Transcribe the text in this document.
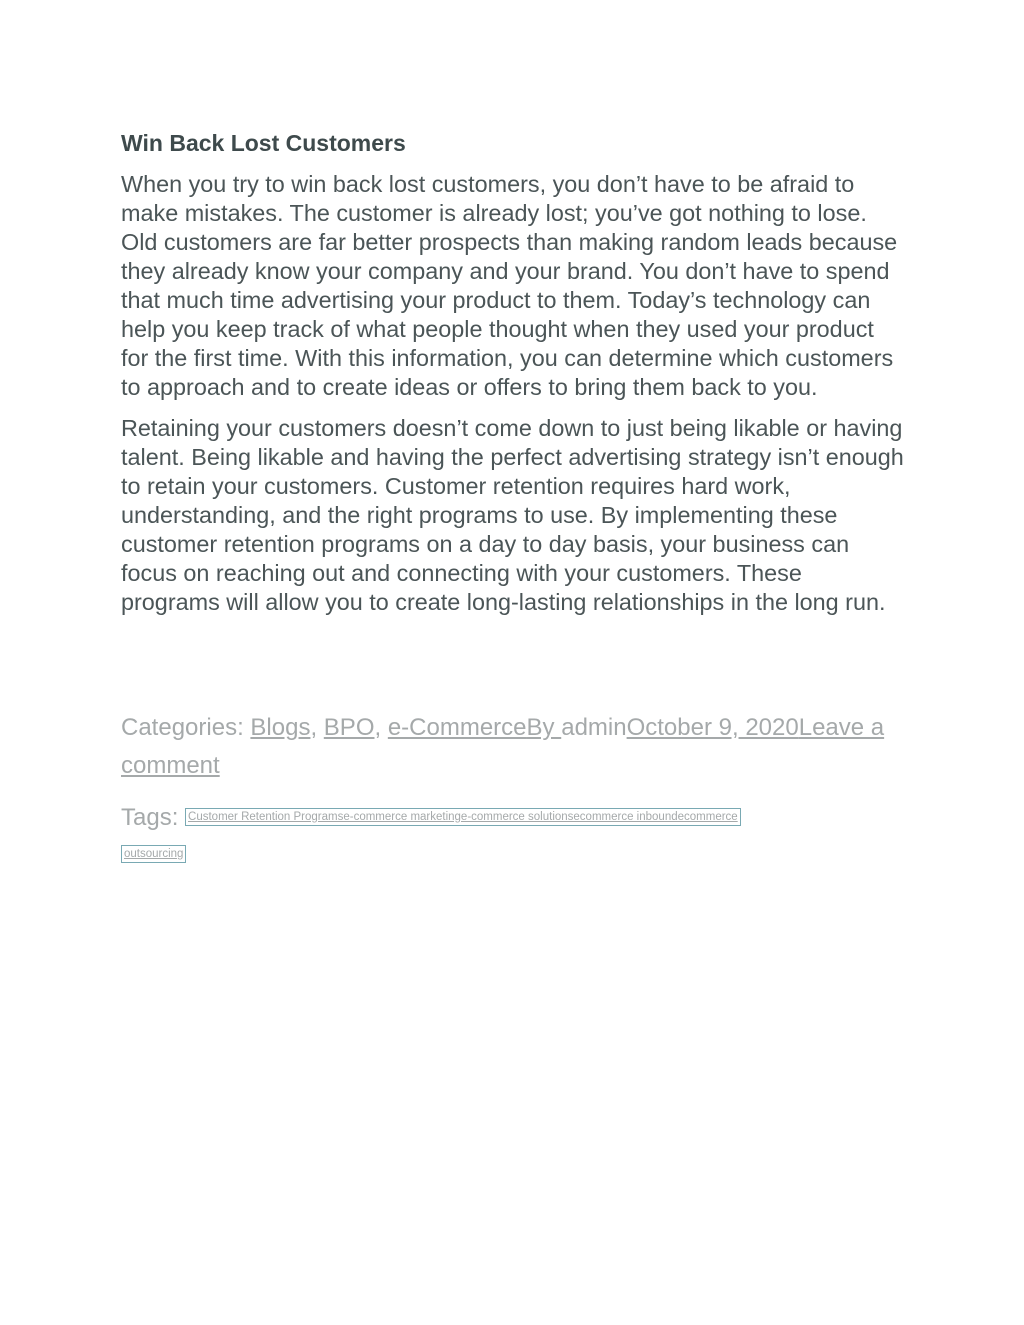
Win Back Lost Customers

When you try to win back lost customers, you don’t have to be afraid to make mistakes. The customer is already lost; you’ve got nothing to lose. Old customers are far better prospects than making random leads because they already know your company and your brand. You don’t have to spend that much time advertising your product to them. Today’s technology can help you keep track of what people thought when they used your product for the first time. With this information, you can determine which customers to approach and to create ideas or offers to bring them back to you.

Retaining your customers doesn’t come down to just being likable or having talent. Being likable and having the perfect advertising strategy isn’t enough to retain your customers. Customer retention requires hard work, understanding, and the right programs to use. By implementing these customer retention programs on a day to day basis, your business can focus on reaching out and connecting with your customers. These programs will allow you to create long-lasting relationships in the long run.

Categories: Blogs, BPO, e-CommerceBy adminOctober 9, 2020Leave a comment
Tags: Customer Retention Programse-commerce marketinge-commerce solutionsecommerce inboundecommerce
outsourcing
